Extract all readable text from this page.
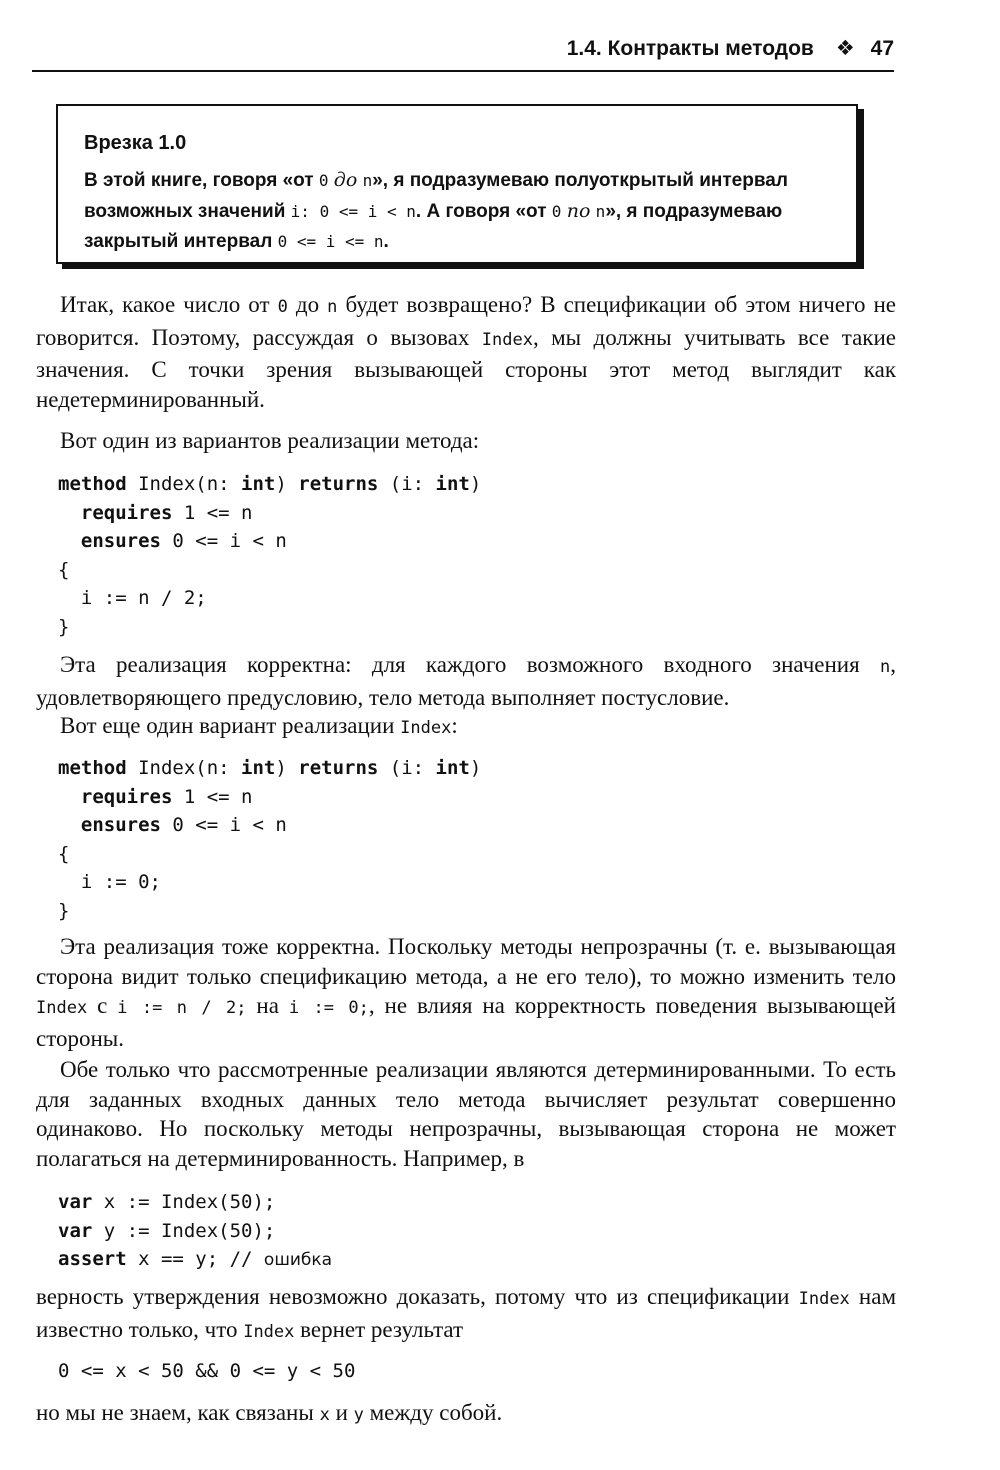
1.4. Контракты методов ❖ 47
Врезка 1.0
В этой книге, говоря «от 0 до n», я подразумеваю полуоткрытый интервал возможных значений i: 0 <= i < n. А говоря «от 0 по n», я подразумеваю закрытый интервал 0 <= i <= n.

Итак, какое число от 0 до n будет возвращено? В спецификации об этом ничего не говорится. Поэтому, рассуждая о вызовах Index, мы должны учитывать все такие значения. С точки зрения вызывающей стороны этот метод выглядит как недетерминированный.

Вот один из вариантов реализации метода:

method Index(n: int) returns (i: int)
requires 1 <= n
ensures 0 <= i < n
{
i := n / 2;
}

Эта реализация корректна: для каждого возможного входного значения n, удовлетворяющего предусловию, тело метода выполняет постусловие.

Вот еще один вариант реализации Index:

method Index(n: int) returns (i: int)
requires 1 <= n
ensures 0 <= i < n
{
i := 0;
}

Эта реализация тоже корректна. Поскольку методы непрозрачны (т. е. вызывающая сторона видит только спецификацию метода, а не его тело), то можно изменить тело Index с i := n / 2; на i := 0;, не влияя на корректность поведения вызывающей стороны.

Обе только что рассмотренные реализации являются детерминированными. То есть для заданных входных данных тело метода вычисляет результат совершенно одинаково. Но поскольку методы непрозрачны, вызывающая сторона не может полагаться на детерминированность. Например, в

var x := Index(50);
var y := Index(50);
assert x == y; // ошибка

верность утверждения невозможно доказать, потому что из спецификации Index нам известно только, что Index вернет результат

0 <= x < 50 && 0 <= y < 50

но мы не знаем, как связаны x и y между собой.
